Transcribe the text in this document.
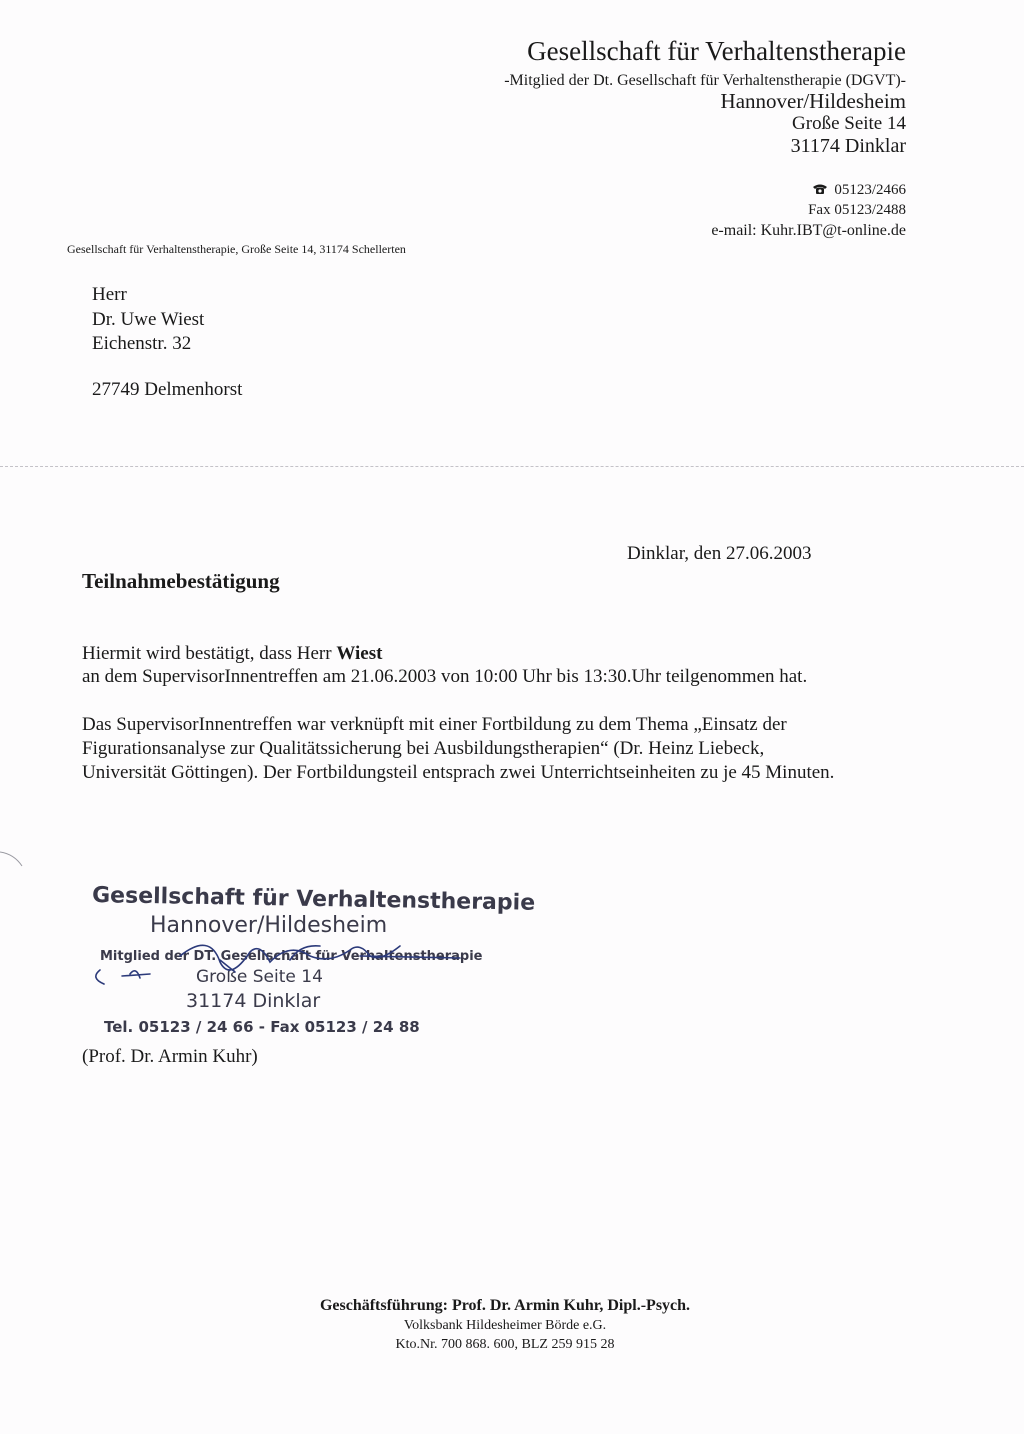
Gesellschaft für Verhaltenstherapie
-Mitglied der Dt. Gesellschaft für Verhaltenstherapie (DGVT)-
Hannover/Hildesheim
Große Seite 14
31174 Dinklar
05123/2466
Fax 05123/2488
e-mail: Kuhr.IBT@t-online.de
Gesellschaft für Verhaltenstherapie, Große Seite 14, 31174 Schellerten
Herr
Dr. Uwe Wiest
Eichenstr. 32
27749 Delmenhorst
Dinklar, den 27.06.2003
Teilnahmebestätigung
Hiermit wird bestätigt, dass Herr Wiest
an dem SupervisorInnentreffen am 21.06.2003 von 10:00 Uhr bis 13:30.Uhr teilgenommen hat.
Das SupervisorInnentreffen war verknüpft mit einer Fortbildung zu dem Thema „Einsatz der
Figurationsanalyse zur Qualitätssicherung bei Ausbildungstherapien“ (Dr. Heinz Liebeck,
Universität Göttingen). Der Fortbildungsteil entsprach zwei Unterrichtseinheiten zu je 45 Minuten.
Gesellschaft für Verhaltenstherapie
Hannover/Hildesheim
Mitglied der DT. Gesellschaft für Verhaltenstherapie
Große Seite 14
31174 Dinklar
Tel. 05123 / 24 66 - Fax 05123 / 24 88
(Prof. Dr. Armin Kuhr)
Geschäftsführung: Prof. Dr. Armin Kuhr, Dipl.-Psych.
Volksbank Hildesheimer Börde e.G.
Kto.Nr. 700 868. 600, BLZ 259 915 28
